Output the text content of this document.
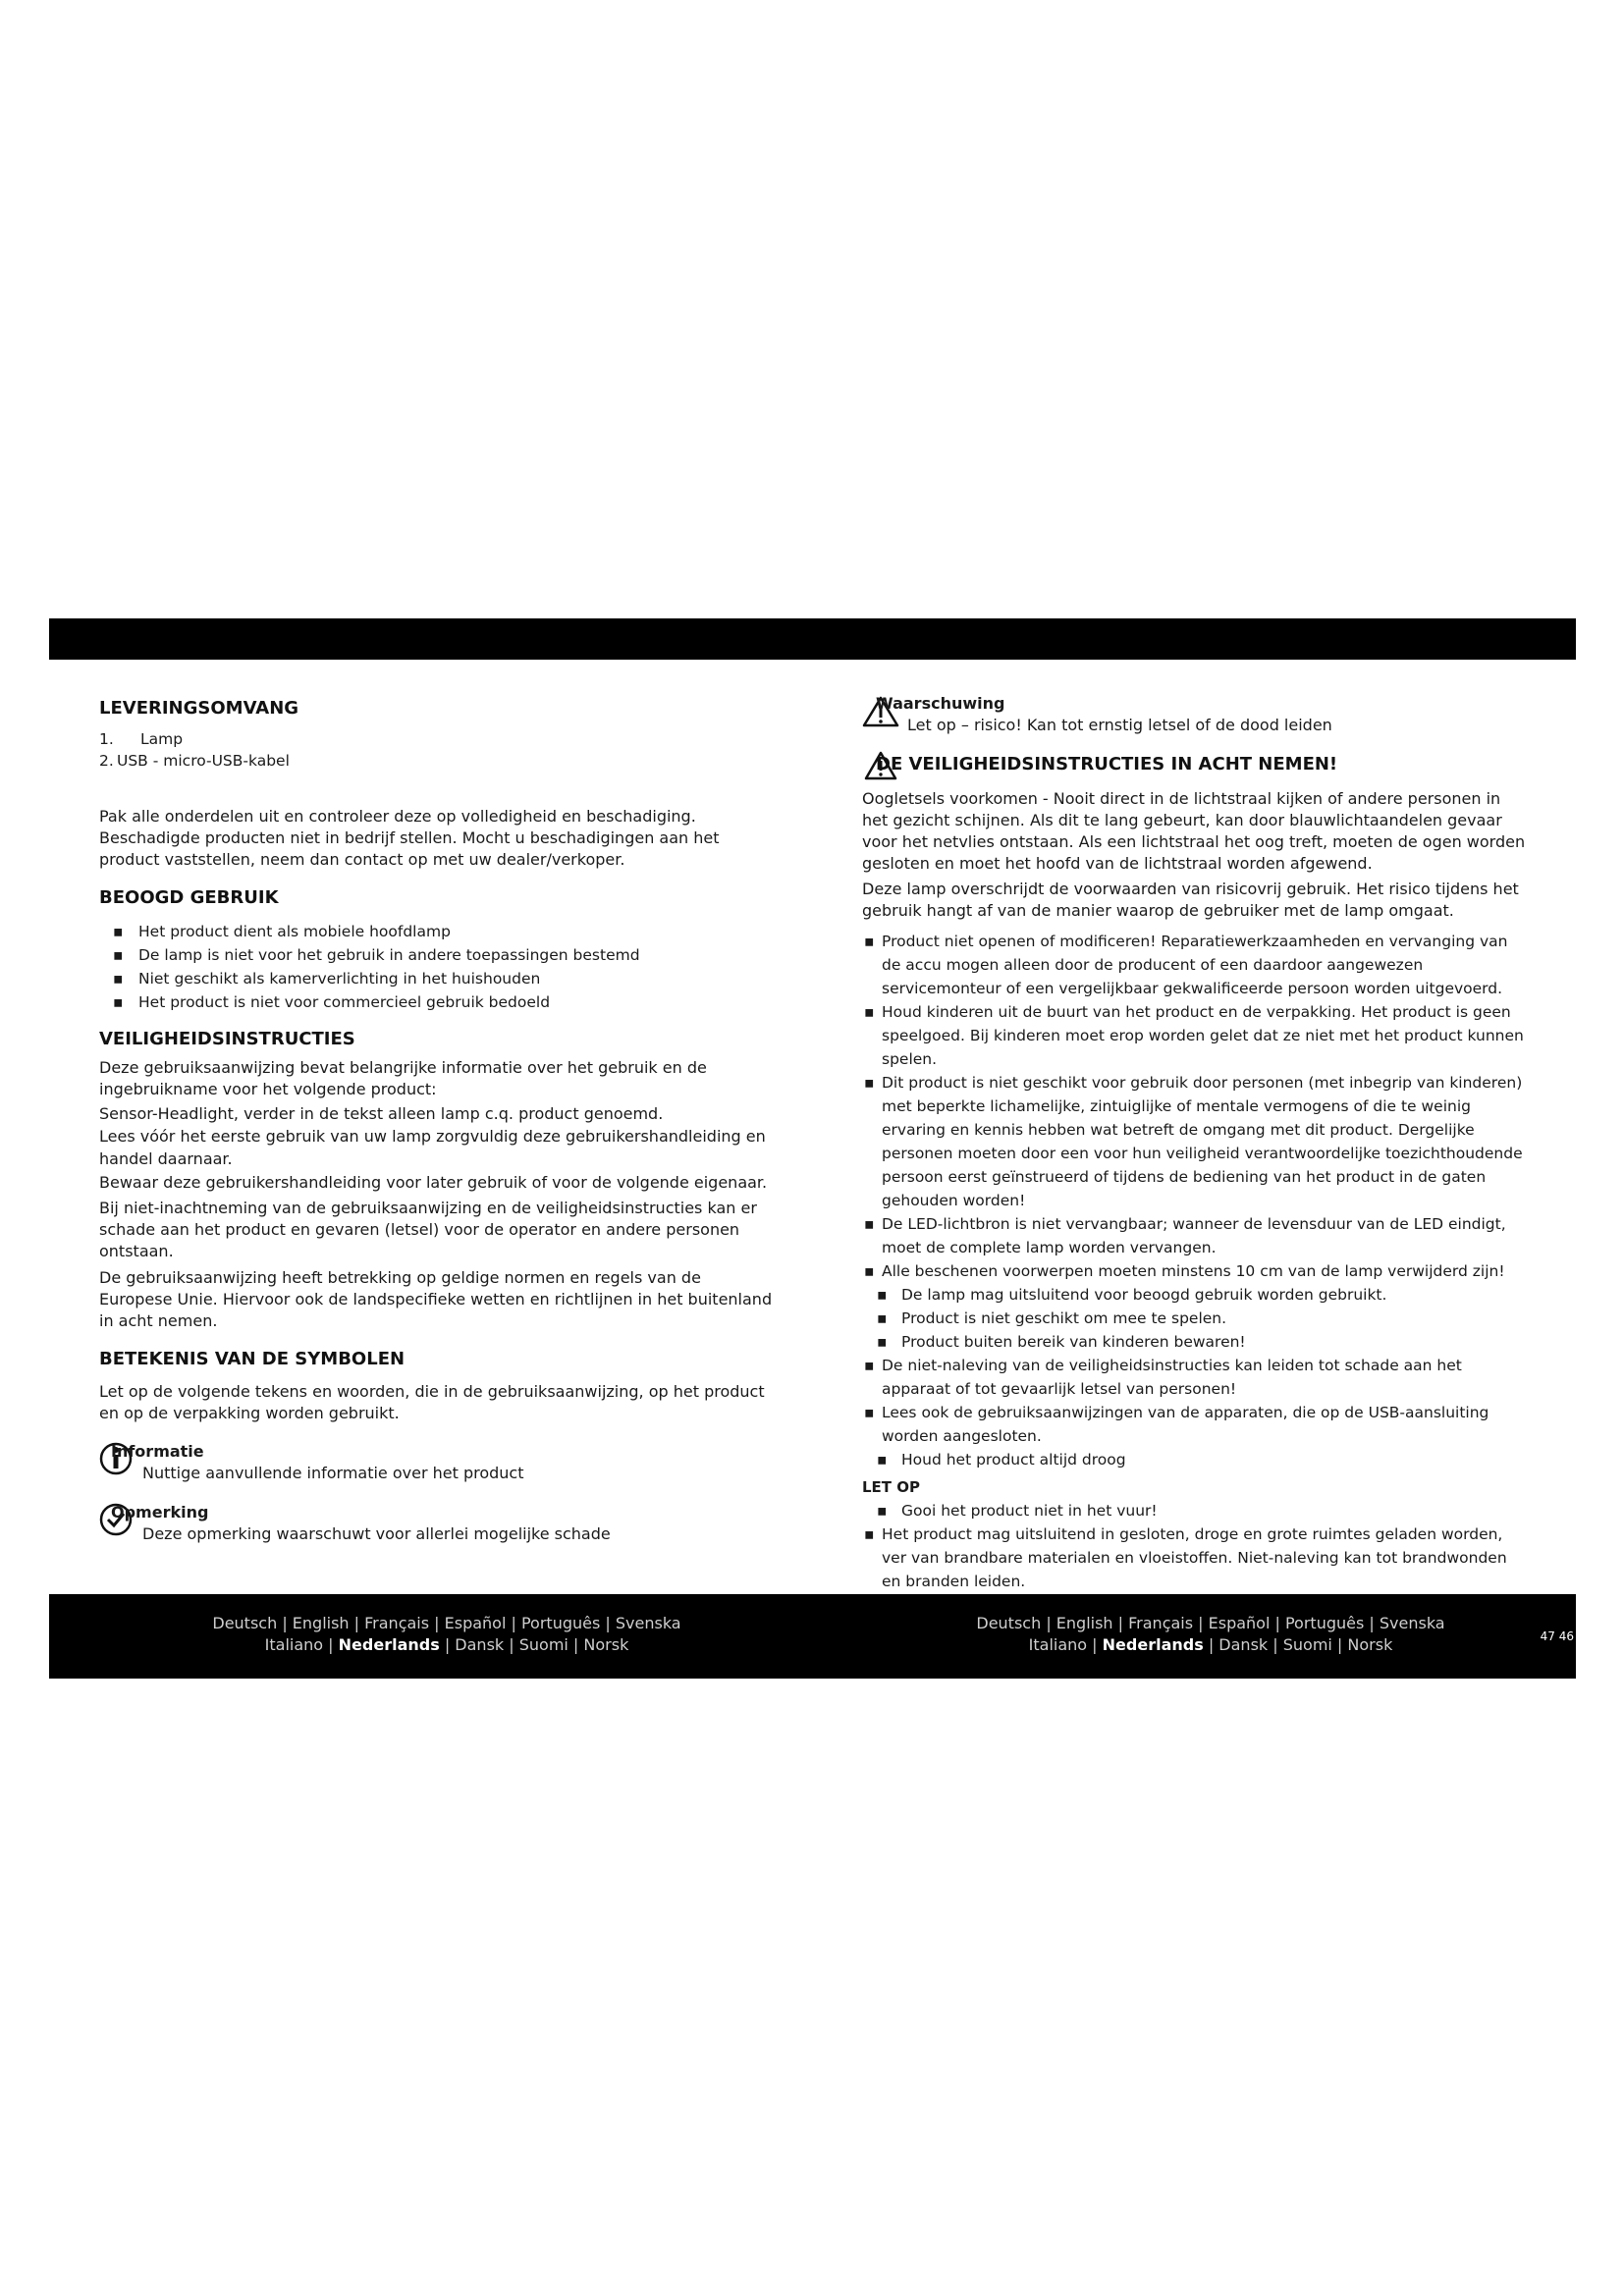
LEVERINGSOMVANG
1. Lamp
2. USB - micro-USB-kabel

Pak alle onderdelen uit en controleer deze op volledigheid en beschadiging. Beschadigde producten niet in bedrijf stellen. Mocht u beschadigingen aan het product vaststellen, neem dan contact op met uw dealer/verkoper.

BEOOGD GEBRUIK
▪ Het product dient als mobiele hoofdlamp
▪ De lamp is niet voor het gebruik in andere toepassingen bestemd
▪ Niet geschikt als kamerverlichting in het huishouden
▪ Het product is niet voor commercieel gebruik bedoeld
VEILIGHEIDSINSTRUCTIES

Deze gebruiksaanwijzing bevat belangrijke informatie over het gebruik en de ingebruikname voor het volgende product:

Sensor-Headlight, verder in de tekst alleen lamp c.q. product genoemd.

Lees vóór het eerste gebruik van uw lamp zorgvuldig deze gebruikershandleiding en handel daarnaar.

Bewaar deze gebruikershandleiding voor later gebruik of voor de volgende eigenaar.

Bij niet-inachtneming van de gebruiksaanwijzing en de veiligheidsinstructies kan er schade aan het product en gevaren (letsel) voor de operator en andere personen ontstaan.

De gebruiksaanwijzing heeft betrekking op geldige normen en regels van de Europese Unie. Hiervoor ook de landspecifieke wetten en richtlijnen in het buitenland in acht nemen.

BETEKENIS VAN DE SYMBOLEN

Let op de volgende tekens en woorden, die in de gebruiksaanwijzing, op het product en op de verpakking worden gebruikt.

Informatie
Nuttige aanvullende informatie over het product
Opmerking
Deze opmerking waarschuwt voor allerlei mogelijke schade
Waarschuwing
Let op – risico! Kan tot ernstig letsel of de dood leiden
DE VEILIGHEIDSINSTRUCTIES IN ACHT NEMEN!

Oogletsels voorkomen - Nooit direct in de lichtstraal kijken of andere personen in het gezicht schijnen. Als dit te lang gebeurt, kan door blauwlichtaandelen gevaar voor het netvlies ontstaan. Als een lichtstraal het oog treft, moeten de ogen worden gesloten en moet het hoofd van de lichtstraal worden afgewend.

Deze lamp overschrijdt de voorwaarden van risicovrij gebruik. Het risico tijdens het gebruik hangt af van de manier waarop de gebruiker met de lamp omgaat.

▪ Product niet openen of modificeren! Reparatiewerkzaamheden en vervanging van de accu mogen alleen door de producent of een daardoor aangewezen servicemonteur of een vergelijkbaar gekwalificeerde persoon worden uitgevoerd.
▪ Houd kinderen uit de buurt van het product en de verpakking. Het product is geen speelgoed. Bij kinderen moet erop worden gelet dat ze niet met het product kunnen spelen.
▪ Dit product is niet geschikt voor gebruik door personen (met inbegrip van kinderen) met beperkte lichamelijke, zintuiglijke of mentale vermogens of die te weinig ervaring en kennis hebben wat betreft de omgang met dit product. Dergelijke personen moeten door een voor hun veiligheid verantwoordelijke toezichthoudende persoon eerst geïnstrueerd of tijdens de bediening van het product in de gaten gehouden worden!
▪ De LED-lichtbron is niet vervangbaar; wanneer de levensduur van de LED eindigt, moet de complete lamp worden vervangen.
▪ Alle beschenen voorwerpen moeten minstens 10 cm van de lamp verwijderd zijn!
▪ De lamp mag uitsluitend voor beoogd gebruik worden gebruikt.
▪ Product is niet geschikt om mee te spelen.
▪ Product buiten bereik van kinderen bewaren!
▪ De niet-naleving van de veiligheidsinstructies kan leiden tot schade aan het apparaat of tot gevaarlijk letsel van personen!
▪ Lees ook de gebruiksaanwijzingen van de apparaten, die op de USB-aansluiting worden aangesloten.
▪ Houd het product altijd droog
LET OP
▪ Gooi het product niet in het vuur!
▪ Het product mag uitsluitend in gesloten, droge en grote ruimtes geladen worden, ver van brandbare materialen en vloeistoffen. Niet-naleving kan tot brandwonden en branden leiden.
Deutsch | English | Français | Español | Português | Svenska
Italiano | Nederlands | Dansk | Suomi | Norsk
Deutsch | English | Français | Español | Português | Svenska
Italiano | Nederlands | Dansk | Suomi | Norsk	47 46
